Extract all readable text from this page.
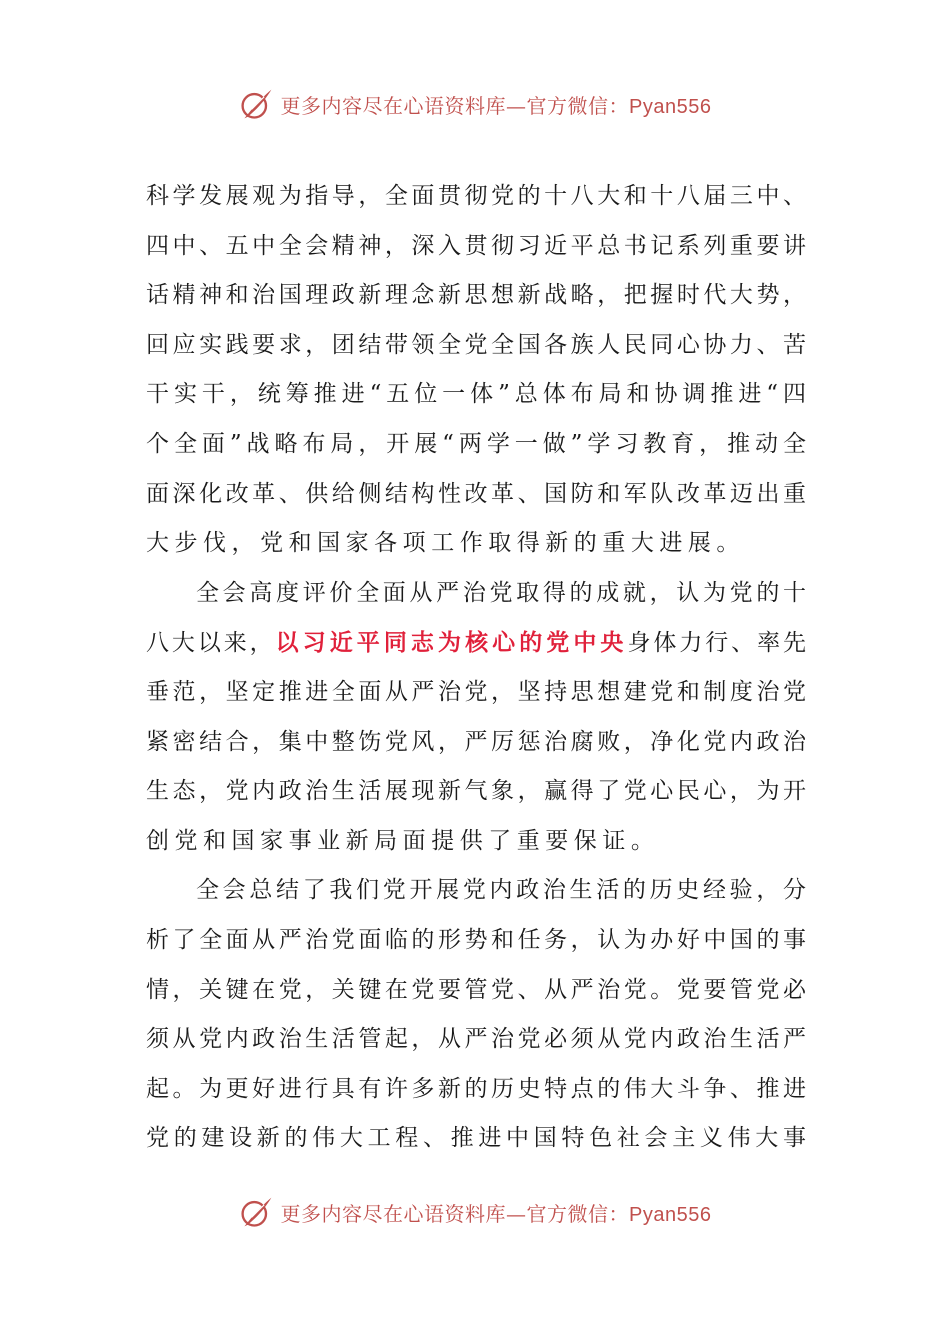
更多内容尽在心语资料库—官方微信：Pyan556
科学发展观为指导，全面贯彻党的十八大和十八届三中、
四中、五中全会精神，深入贯彻习近平总书记系列重要讲
话精神和治国理政新理念新思想新战略，把握时代大势，
回应实践要求，团结带领全党全国各族人民同心协力、苦
干实干，统筹推进“五位一体”总体布局和协调推进“四
个全面”战略布局，开展“两学一做”学习教育，推动全
面深化改革、供给侧结构性改革、国防和军队改革迈出重
大步伐，党和国家各项工作取得新的重大进展。
全会高度评价全面从严治党取得的成就，认为党的十
八大以来，以习近平同志为核心的党中央身体力行、率先
垂范，坚定推进全面从严治党，坚持思想建党和制度治党
紧密结合，集中整饬党风，严厉惩治腐败，净化党内政治
生态，党内政治生活展现新气象，赢得了党心民心，为开
创党和国家事业新局面提供了重要保证。
全会总结了我们党开展党内政治生活的历史经验，分
析了全面从严治党面临的形势和任务，认为办好中国的事
情，关键在党，关键在党要管党、从严治党。党要管党必
须从党内政治生活管起，从严治党必须从党内政治生活严
起。为更好进行具有许多新的历史特点的伟大斗争、推进
党的建设新的伟大工程、推进中国特色社会主义伟大事
更多内容尽在心语资料库—官方微信：Pyan556
